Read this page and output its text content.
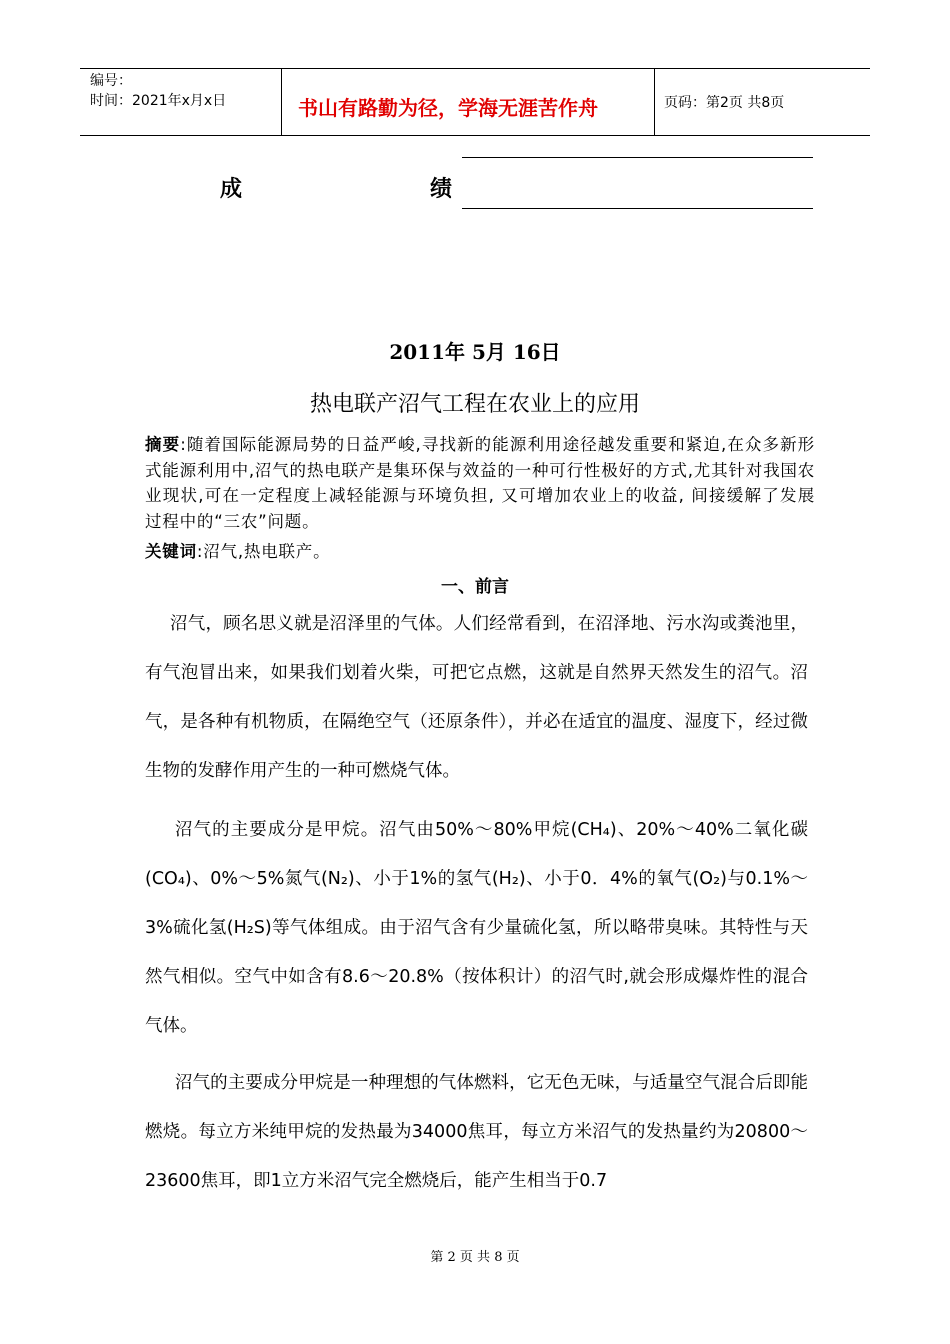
编号：
时间：2021年x月x日	书山有路勤为径，学海无涯苦作舟	页码：第2页 共8页
成	绩
2011年 5月 16日
热电联产沼气工程在农业上的应用
摘要:随着国际能源局势的日益严峻,寻找新的能源利用途径越发重要和紧迫,在众多新形式能源利用中,沼气的热电联产是集环保与效益的一种可行性极好的方式,尤其针对我国农业现状,可在一定程度上减轻能源与环境负担, 又可增加农业上的收益, 间接缓解了发展过程中的“三农”问题。
关键词:沼气,热电联产。
一、前言
沼气，顾名思义就是沼泽里的气体。人们经常看到，在沼泽地、污水沟或粪池里，有气泡冒出来，如果我们划着火柴，可把它点燃，这就是自然界天然发生的沼气。沼气，是各种有机物质，在隔绝空气（还原条件），并必在适宜的温度、湿度下，经过微生物的发酵作用产生的一种可燃烧气体。
沼气的主要成分是甲烷。沼气由50%～80%甲烷(CH₄)、20%～40%二氧化碳(CO₄)、0%～5%氮气(N₂)、小于1%的氢气(H₂)、小于0．4%的氧气(O₂)与0.1%～3%硫化氢(H₂S)等气体组成。由于沼气含有少量硫化氢，所以略带臭味。其特性与天然气相似。空气中如含有8.6～20.8%（按体积计）的沼气时,就会形成爆炸性的混合气体。
沼气的主要成分甲烷是一种理想的气体燃料，它无色无味，与适量空气混合后即能燃烧。每立方米纯甲烷的发热最为34000焦耳，每立方米沼气的发热量约为20800～23600焦耳，即1立方米沼气完全燃烧后，能产生相当于0.7
第 2 页 共 8 页
